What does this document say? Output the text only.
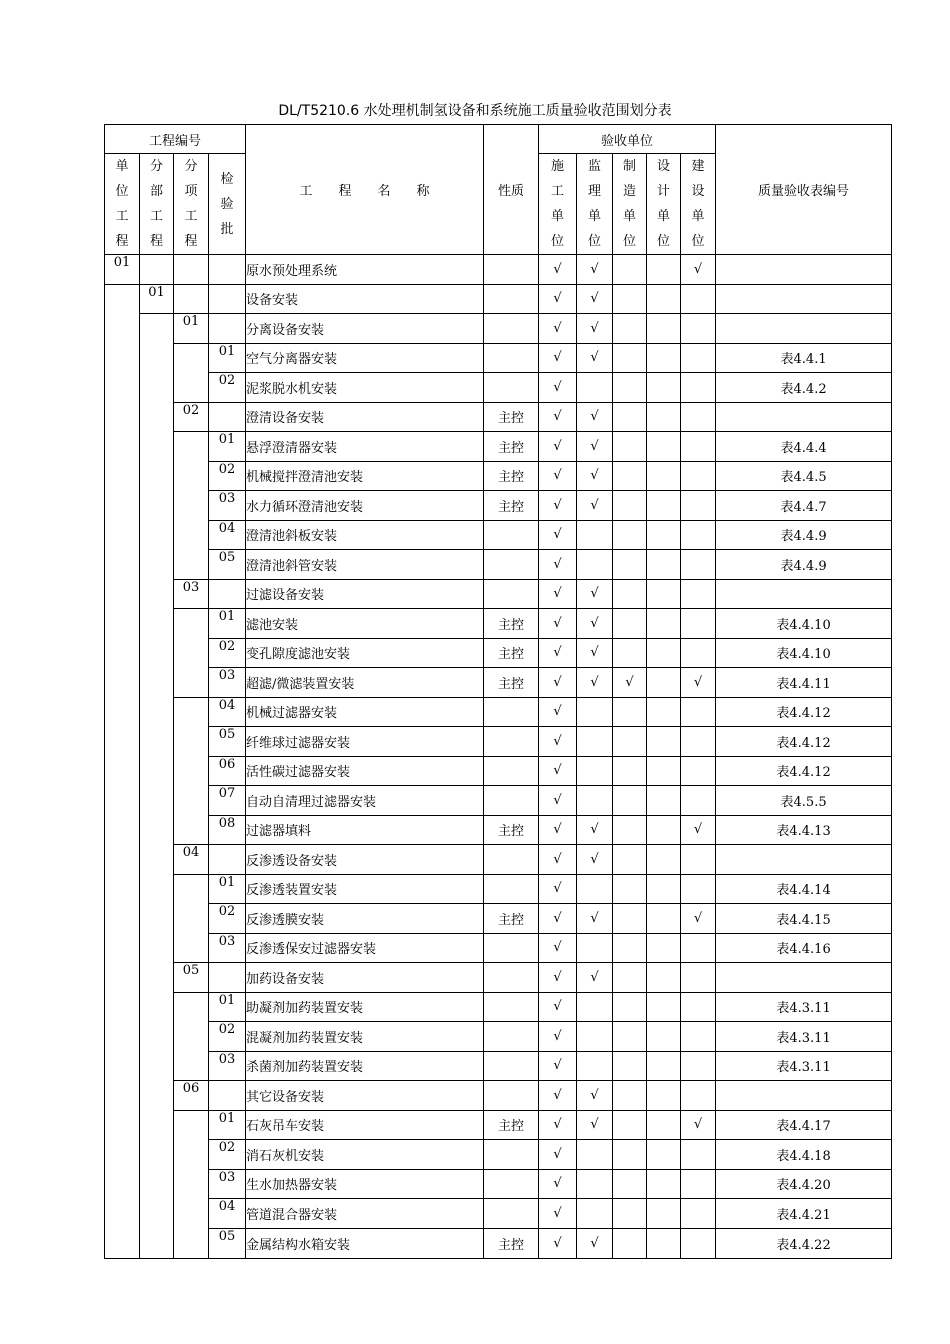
DL/T5210.6 水处理机制氢设备和系统施工质量验收范围划分表
工程编号				工　　程　　名　　称	性质	验收单位					质量验收表编号
单位工程	分部工程	分项工程	检验批			施工单位	监理单位	制造单位	设计单位	建设单位	
01				原水预处理系统		√	√			√	
	01			设备安装		√	√				
		01		分离设备安装		√	√				
			01	空气分离器安装		√	√				表4.4.1
			02	泥浆脱水机安装		√					表4.4.2
		02		澄清设备安装	主控	√	√				
			01	悬浮澄清器安装	主控	√	√				表4.4.4
			02	机械搅拌澄清池安装	主控	√	√				表4.4.5
			03	水力循环澄清池安装	主控	√	√				表4.4.7
			04	澄清池斜板安装		√					表4.4.9
			05	澄清池斜管安装		√					表4.4.9
		03		过滤设备安装		√	√				
			01	滤池安装	主控	√	√				表4.4.10
			02	变孔隙度滤池安装	主控	√	√				表4.4.10
			03	超滤/微滤装置安装	主控	√	√	√		√	表4.4.11
			04	机械过滤器安装		√					表4.4.12
			05	纤维球过滤器安装		√					表4.4.12
			06	活性碳过滤器安装		√					表4.4.12
			07	自动自清理过滤器安装		√					表4.5.5
			08	过滤器填料	主控	√	√			√	表4.4.13
		04		反渗透设备安装		√	√				
			01	反渗透装置安装		√					表4.4.14
			02	反渗透膜安装	主控	√	√			√	表4.4.15
			03	反渗透保安过滤器安装		√					表4.4.16
		05		加药设备安装		√	√				
			01	助凝剂加药装置安装		√					表4.3.11
			02	混凝剂加药装置安装		√					表4.3.11
			03	杀菌剂加药装置安装		√					表4.3.11
		06		其它设备安装		√	√				
			01	石灰吊车安装	主控	√	√			√	表4.4.17
			02	消石灰机安装		√					表4.4.18
			03	生水加热器安装		√					表4.4.20
			04	管道混合器安装		√					表4.4.21
			05	金属结构水箱安装	主控	√	√				表4.4.22
